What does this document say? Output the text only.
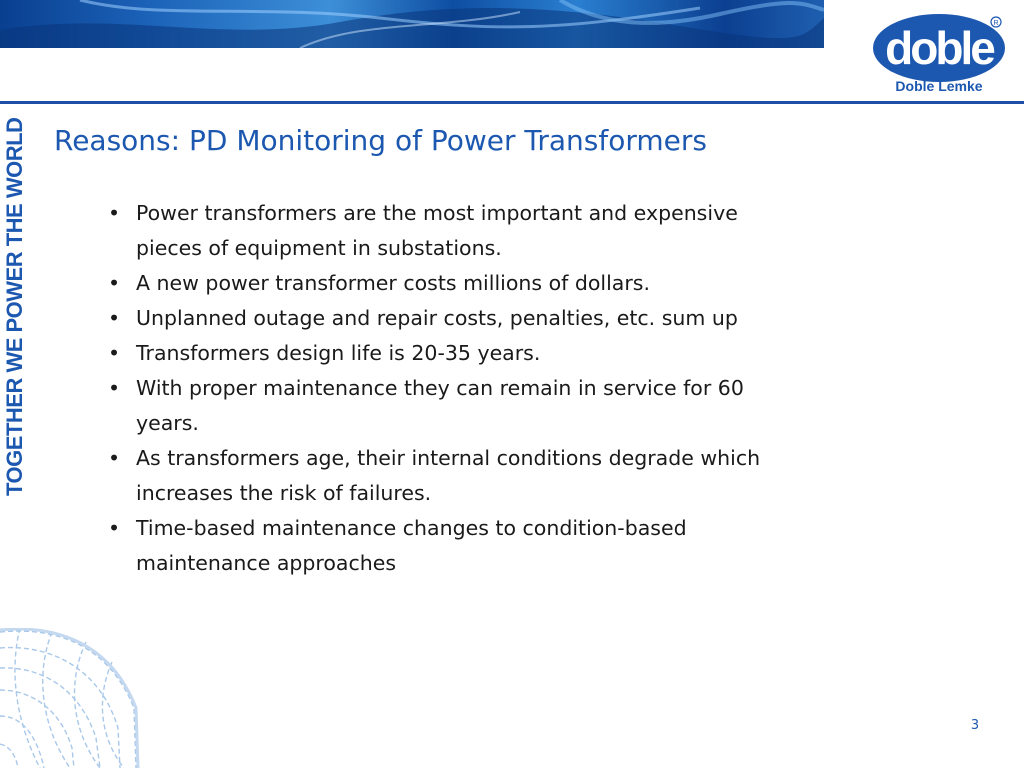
doble R
Doble Lemke
TOGETHER WE POWER THE WORLD Reasons: PD Monitoring of Power Transformers
• Power transformers are the most important and expensive
pieces of equipment in substations.
• A new power transformer costs millions of dollars.
• Unplanned outage and repair costs, penalties, etc. sum up
• Transformers design life is 20-35 years.
• With proper maintenance they can remain in service for 60
years.
• As transformers age, their internal conditions degrade which
increases the risk of failures.
• Time-based maintenance changes to condition-based
maintenance approaches
3
